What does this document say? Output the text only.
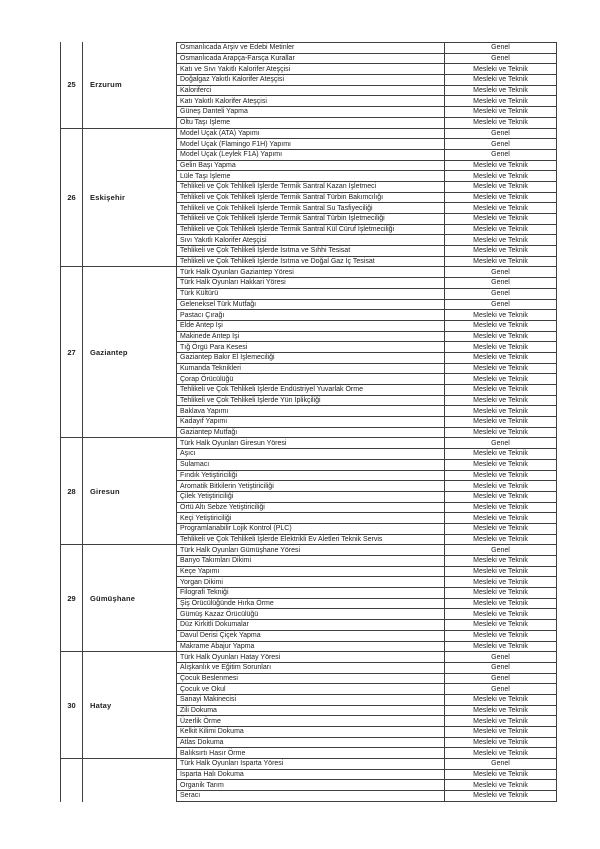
25	Erzurum
Osmanlıcada Arşiv ve Edebi Metinler	Genel
Osmanlıcada Arapça-Farsça Kurallar	Genel
Katı ve Sıvı Yakıtlı Kalorifer Ateşçisi	Mesleki ve Teknik
Doğalgaz Yakıtlı Kalorifer Ateşçisi	Mesleki ve Teknik
Kaloriferci	Mesleki ve Teknik
Katı Yakıtlı Kalorifer Ateşçisi	Mesleki ve Teknik
Güneş Danteli Yapma	Mesleki ve Teknik
Oltu Taşı İşleme	Mesleki ve Teknik
26	Eskişehir
Model Uçak (ATA) Yapımı	Genel
Model Uçak (Flamingo F1H) Yapımı	Genel
Model Uçak (Leylek F1A) Yapımı	Genel
Gelin Başı Yapma	Mesleki ve Teknik
Lüle Taşı İşleme	Mesleki ve Teknik
Tehlikeli ve Çok Tehlikeli İşlerde Termik Santral Kazan İşletmeci	Mesleki ve Teknik
Tehlikeli ve Çok Tehlikeli İşlerde Termik Santral Türbin Bakımcılığı	Mesleki ve Teknik
Tehlikeli ve Çok Tehlikeli İşlerde Termik Santral Su Tasfiyeciliği	Mesleki ve Teknik
Tehlikeli ve Çok Tehlikeli İşlerde Termik Santral Türbin İşletmeciliği	Mesleki ve Teknik
Tehlikeli ve Çok Tehlikeli İşlerde Termik Santral Kül Cüruf İşletmeciliği	Mesleki ve Teknik
Sıvı Yakıtlı Kalorifer Ateşçisi	Mesleki ve Teknik
Tehlikeli ve Çok Tehlikeli İşlerde Isıtma ve Sıhhi Tesisat	Mesleki ve Teknik
Tehlikeli ve Çok Tehlikeli İşlerde Isıtma ve Doğal Gaz İç Tesisat	Mesleki ve Teknik
27	Gaziantep
Türk Halk Oyunları Gaziantep Yöresi	Genel
Türk Halk Oyunları Hakkari Yöresi	Genel
Türk Kültürü	Genel
Geleneksel Türk Mutfağı	Genel
Pastacı Çırağı	Mesleki ve Teknik
Elde Antep İşi	Mesleki ve Teknik
Makinede Antep İşi	Mesleki ve Teknik
Tığ Örgü Para Kesesi	Mesleki ve Teknik
Gaziantep Bakır El İşlemeciliği	Mesleki ve Teknik
Kumanda Teknikleri	Mesleki ve Teknik
Çorap Örücülüğü	Mesleki ve Teknik
Tehlikeli ve Çok Tehlikeli İşlerde Endüstriyel Yuvarlak Örme	Mesleki ve Teknik
Tehlikeli ve Çok Tehlikeli İşlerde Yün İplikçiliği	Mesleki ve Teknik
Baklava Yapımı	Mesleki ve Teknik
Kadayıf Yapımı	Mesleki ve Teknik
Gaziantep Mutfağı	Mesleki ve Teknik
28	Giresun
Türk Halk Oyunları Giresun Yöresi	Genel
Aşıcı	Mesleki ve Teknik
Sulamacı	Mesleki ve Teknik
Fındık Yetiştiriciliği	Mesleki ve Teknik
Aromatik Bitkilerin Yetiştiriciliği	Mesleki ve Teknik
Çilek Yetiştiriciliği	Mesleki ve Teknik
Örtü Altı Sebze Yetiştiriciliği	Mesleki ve Teknik
Keçi Yetiştiriciliği	Mesleki ve Teknik
Programlanabilir Lojik Kontrol (PLC)	Mesleki ve Teknik
Tehlikeli ve Çok Tehlikeli İşlerde Elektrikli Ev Aletleri Teknik Servis	Mesleki ve Teknik
29	Gümüşhane
Türk Halk Oyunları Gümüşhane Yöresi	Genel
Banyo Takımları Dikimi	Mesleki ve Teknik
Keçe Yapımı	Mesleki ve Teknik
Yorgan Dikimi	Mesleki ve Teknik
Filografi Tekniği	Mesleki ve Teknik
Şiş Örücülüğünde Hırka Örme	Mesleki ve Teknik
Gümüş Kazaz Örücülüğü	Mesleki ve Teknik
Düz Kirkitli Dokumalar	Mesleki ve Teknik
Davul Derisi Çiçek Yapma	Mesleki ve Teknik
Makrame Abajur Yapma	Mesleki ve Teknik
30	Hatay
Türk Halk Oyunları Hatay Yöresi	Genel
Alışkanlık ve Eğitim Sorunları	Genel
Çocuk Beslenmesi	Genel
Çocuk ve Okul	Genel
Sanayi Makinecisi	Mesleki ve Teknik
Zili Dokuma	Mesleki ve Teknik
Üzerlik Örme	Mesleki ve Teknik
Kelkit Kilimi Dokuma	Mesleki ve Teknik
Atlas Dokuma	Mesleki ve Teknik
Balıksırtı Hasır Örme	Mesleki ve Teknik
Türk Halk Oyunları Isparta Yöresi	Genel
Isparta Halı Dokuma	Mesleki ve Teknik
Organik Tarım	Mesleki ve Teknik
Seracı	Mesleki ve Teknik
